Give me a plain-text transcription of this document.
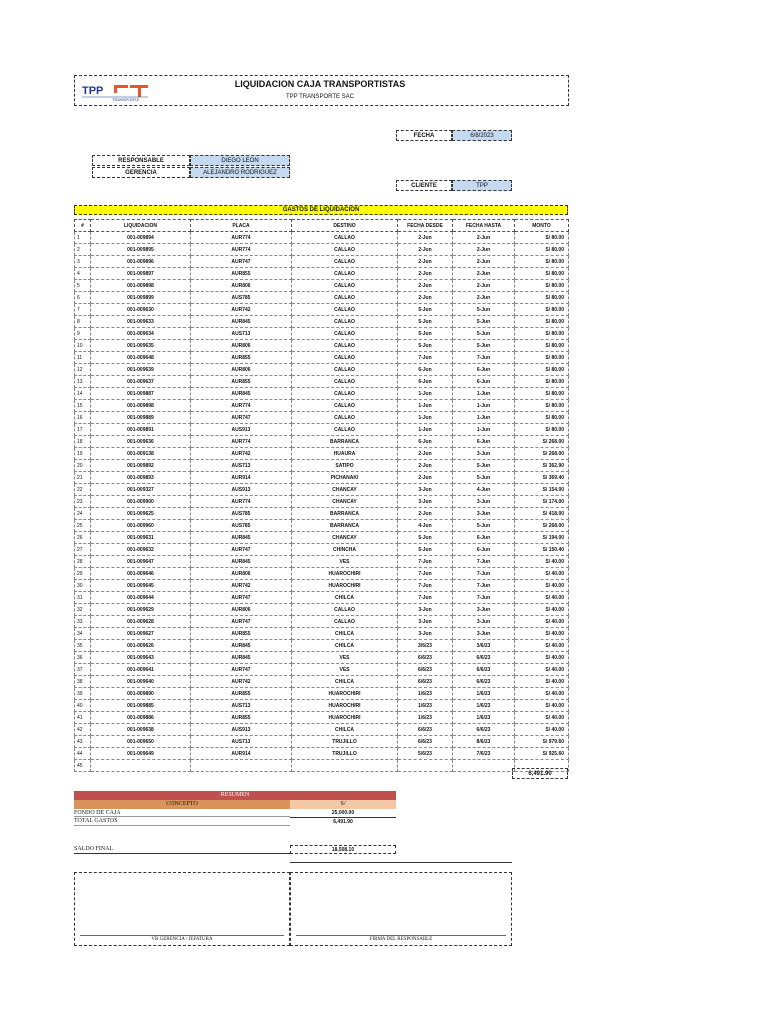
TPP
TRANSPORTE
LIQUIDACION CAJA TRANSPORTISTAS
TPP TRANSPORTE SAC
FECHA	6/8/2023
RESPONSABLE	DIEGO LEON
GERENCIA	ALEJANDRO RODRIGUEZ
CLIENTE	TPP
GASTOS DE LIQUIDACION
#	LIQUIDACION	PLACA	DESTINO	FECHA DESDE	FECHA HASTA	MONTO
1	001-009894	AUR774	CALLAO	2-Jun	2-Jun	S/ 80.00
2	001-009895	AUR774	CALLAO	2-Jun	2-Jun	S/ 80.00
3	001-009896	AUR747	CALLAO	2-Jun	2-Jun	S/ 80.00
4	001-009897	AUR855	CALLAO	2-Jun	2-Jun	S/ 80.00
5	001-009898	AUR806	CALLAO	2-Jun	2-Jun	S/ 80.00
6	001-009899	AUS785	CALLAO	2-Jun	2-Jun	S/ 80.00
7	001-009630	AUR742	CALLAO	5-Jun	5-Jun	S/ 80.00
8	001-009633	AUR845	CALLAO	5-Jun	5-Jun	S/ 80.00
9	001-009634	AUS713	CALLAO	5-Jun	5-Jun	S/ 80.00
10	001-009635	AUR806	CALLAO	5-Jun	5-Jun	S/ 80.00
11	001-009648	AUR855	CALLAO	7-Jun	7-Jun	S/ 80.00
12	001-009639	AUR806	CALLAO	6-Jun	6-Jun	S/ 80.00
13	001-009637	AUR855	CALLAO	6-Jun	6-Jun	S/ 80.00
14	001-009887	AUR845	CALLAO	1-Jun	1-Jun	S/ 80.00
15	001-009898	AUR774	CALLAO	1-Jun	1-Jun	S/ 80.00
16	001-009889	AUR747	CALLAO	1-Jun	1-Jun	S/ 80.00
17	001-009891	AUS913	CALLAO	1-Jun	1-Jun	S/ 80.00
18	001-009636	AUR774	BARRANCA	6-Jun	6-Jun	S/ 268.00
19	001-009138	AUR742	HUAURA	2-Jun	3-Jun	S/ 268.00
20	001-009892	AUS713	SATIPO	2-Jun	5-Jun	S/ 362.90
21	001-009893	AUR914	PICHANAKI	2-Jun	5-Jun	S/ 369.40
22	001-009327	AUS913	CHANCAY	3-Jun	4-Jun	S/ 154.00
23	001-009900	AUR774	CHANCAY	3-Jun	3-Jun	S/ 174.00
24	001-009625	AUS785	BARRANCA	2-Jun	3-Jun	S/ 418.00
25	001-009960	AUS785	BARRANCA	4-Jun	5-Jun	S/ 268.00
26	001-009631	AUR845	CHANCAY	5-Jun	6-Jun	S/ 194.00
27	001-009632	AUR747	CHINCHA	5-Jun	6-Jun	S/ 150.40
28	001-009647	AUR845	VES	7-Jun	7-Jun	S/ 40.00
29	001-009646	AUR806	HUAROCHIRI	7-Jun	7-Jun	S/ 40.00
30	001-009645	AUR742	HUAROCHIRI	7-Jun	7-Jun	S/ 40.00
31	001-009644	AUR747	CHILCA	7-Jun	7-Jun	S/ 40.00
32	001-009629	AUR806	CALLAO	3-Jun	3-Jun	S/ 40.00
33	001-009628	AUR747	CALLAO	3-Jun	3-Jun	S/ 40.00
34	001-009627	AUR855	CHILCA	3-Jun	3-Jun	S/ 40.00
35	001-009626	AUR845	CHILCA	3/6/23	3/6/23	S/ 40.00
36	001-009643	AUR845	VES	6/6/23	6/6/23	S/ 40.00
37	001-009641	AUR747	VES	6/6/23	6/6/23	S/ 40.00
38	001-009640	AUR742	CHILCA	6/6/23	6/6/23	S/ 40.00
39	001-009890	AUR855	HUAROCHIRI	1/6/23	1/6/23	S/ 40.00
40	001-009885	AUS713	HUAROCHIRI	1/6/23	1/6/23	S/ 40.00
41	001-009886	AUR855	HUAROCHIRI	1/6/23	1/6/23	S/ 40.00
42	001-009638	AUS913	CHILCA	6/6/23	6/6/23	S/ 40.00
43	001-009650	AUS713	TRUJILLO	6/6/23	8/6/23	S/ 979.60
44	001-009649	AUR914	TRUJILLO	5/6/23	7/6/23	S/ 925.60
45						
6,491.90
RESUMEN
CONCEPTO	S/
FONDO DE CAJA	25,000.00
TOTAL GASTOS	6,491.90
SALDO FINAL	18,508.10
VB GERENCIA / JEFATURA	FIRMA DEL RESPONSABLE
